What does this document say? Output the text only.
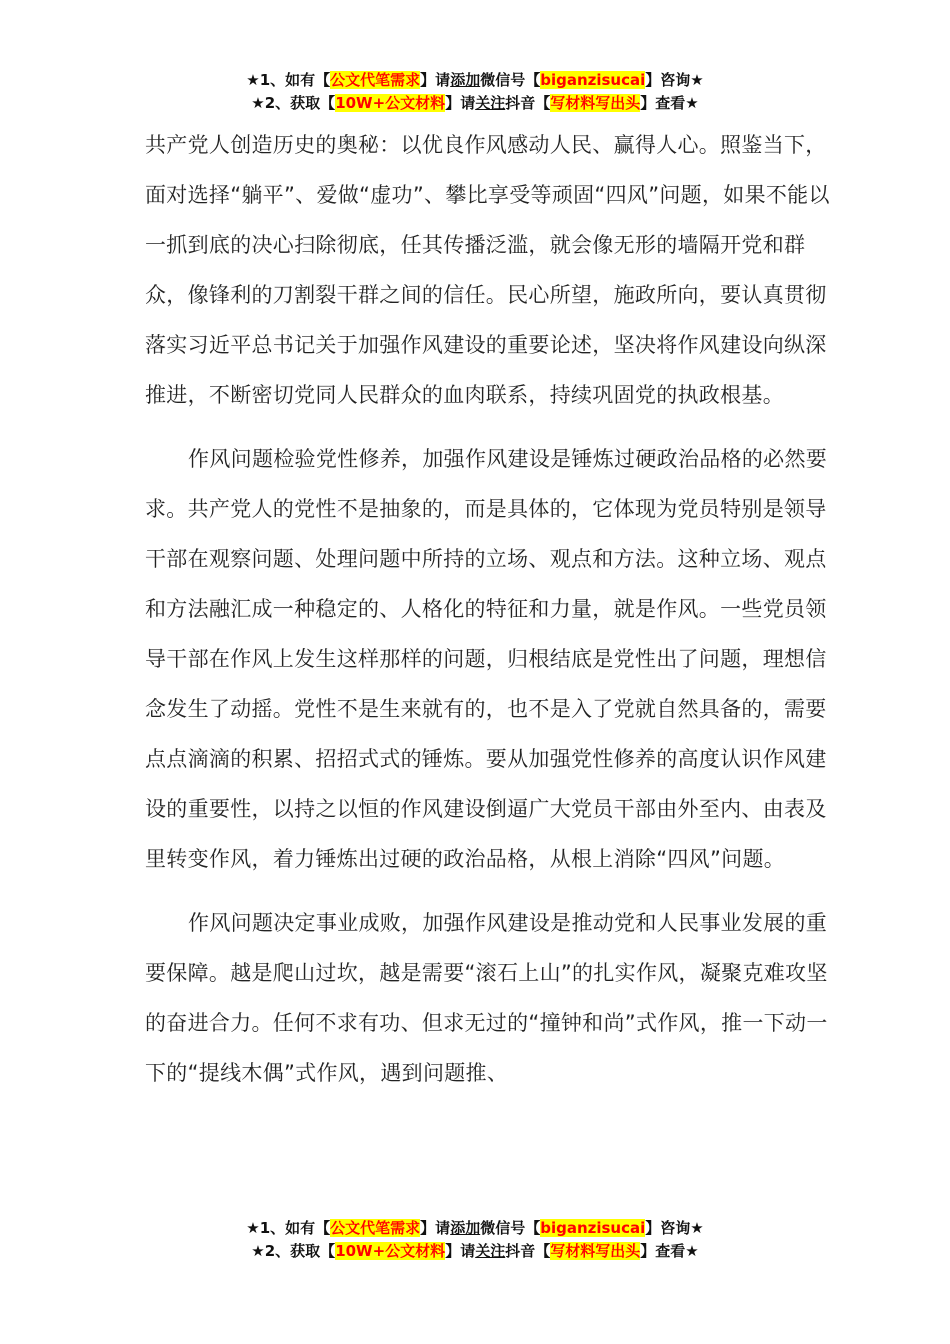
★1、如有【公文代笔需求】请添加微信号【biganzisucai】咨询★
★2、获取【10W+公文材料】请关注抖音【写材料写出头】查看★

共产党人创造历史的奥秘：以优良作风感动人民、赢得人心。照鉴当下，面对选择“躺平”、爱做“虚功”、攀比享受等顽固“四风”问题，如果不能以一抓到底的决心扫除彻底，任其传播泛滥，就会像无形的墙隔开党和群众，像锋利的刀割裂干群之间的信任。民心所望，施政所向，要认真贯彻落实习近平总书记关于加强作风建设的重要论述，坚决将作风建设向纵深推进，不断密切党同人民群众的血肉联系，持续巩固党的执政根基。

作风问题检验党性修养，加强作风建设是锤炼过硬政治品格的必然要求。共产党人的党性不是抽象的，而是具体的，它体现为党员特别是领导干部在观察问题、处理问题中所持的立场、观点和方法。这种立场、观点和方法融汇成一种稳定的、人格化的特征和力量，就是作风。一些党员领导干部在作风上发生这样那样的问题，归根结底是党性出了问题，理想信念发生了动摇。党性不是生来就有的，也不是入了党就自然具备的，需要点点滴滴的积累、招招式式的锤炼。要从加强党性修养的高度认识作风建设的重要性，以持之以恒的作风建设倒逼广大党员干部由外至内、由表及里转变作风，着力锤炼出过硬的政治品格，从根上消除“四风”问题。

作风问题决定事业成败，加强作风建设是推动党和人民事业发展的重要保障。越是爬山过坎，越是需要“滚石上山”的扎实作风，凝聚克难攻坚的奋进合力。任何不求有功、但求无过的“撞钟和尚”式作风，推一下动一下的“提线木偶”式作风，遇到问题推、

★1、如有【公文代笔需求】请添加微信号【biganzisucai】咨询★
★2、获取【10W+公文材料】请关注抖音【写材料写出头】查看★
